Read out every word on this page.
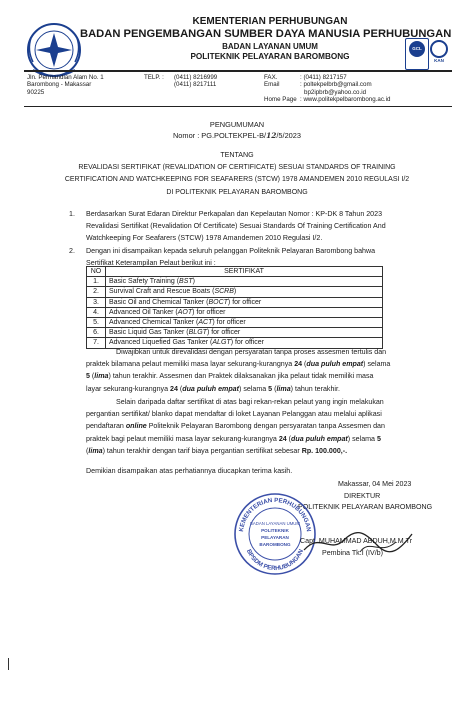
KEMENTERIAN PERHUBUNGAN
BADAN PENGEMBANGAN SUMBER DAYA MANUSIA PERHUBUNGAN
BADAN LAYANAN UMUM
POLITEKNIK PELAYARAN BAROMBONG
GCL
KAN
Jln. Permandian Alam No. 1
Barombong - Makassar
90225
TELP. : (0411) 8216999
(0411) 8217111
FAX.
Email

Home Page
: (0411) 8217157
: poltekpelbrb@gmail.com
bp2ipbrb@yahoo.co.id
: www.politekpelbarombong.ac.id
PENGUMUMAN
Nomor : PG.POLTEKPEL-B/12/5/2023
TENTANG
REVALIDASI SERTIFIKAT (REVALIDATION OF CERTIFICATE) SESUAI STANDARDS OF TRAINING
CERTIFICATION AND WATCHKEEPING FOR SEAFARERS (STCW) 1978 AMANDEMEN 2010 REGULASI I/2
DI POLITEKNIK PELAYARAN BAROMBONG
1. Berdasarkan Surat Edaran Direktur Perkapalan dan Kepelautan Nomor : KP-DK 8 Tahun 2023
Revalidasi Sertifikat (Revalidation Of Certificate) Sesuai Standards Of Training Certification And
Watchkeeping For Seafarers (STCW) 1978 Amandemen 2010 Regulasi I/2.
2. Dengan ini disampaikan kepada seluruh pelanggan Politeknik Pelayaran Barombong bahwa
Sertifikat Keterampilan Pelaut berikut ini :
NO	SERTIFIKAT
1.	Basic Safety Training (BST)
2.	Survival Craft and Rescue Boats (SCRB)
3.	Basic Oil and Chemical Tanker (BOCT) for officer
4.	Advanced Oil Tanker (AOT) for officer
5.	Advanced Chemical Tanker (ACT) for officer
6.	Basic Liquid Gas Tanker (BLGT) for officer
7.	Advanced Liquefied Gas Tanker (ALGT) for officer
Diwajibkan untuk direvalidasi dengan persyaratan tanpa proses assesmen tertulis dan
praktek bilamana pelaut memiliki masa layar sekurang-kurangnya 24 (dua puluh empat) selama
5 (lima) tahun terakhir. Assesmen dan Praktek dilaksanakan jika pelaut tidak memiliki masa
layar sekurang-kurangnya 24 (dua puluh empat) selama 5 (lima) tahun terakhir.
Selain daripada daftar sertifikat di atas bagi rekan-rekan pelaut yang ingin melakukan
pergantian sertifikat/ blanko dapat mendaftar di loket Layanan Pelanggan atau melalui aplikasi
pendaftaran online Politeknik Pelayaran Barombong dengan persyaratan tanpa Assesmen dan
praktek bagi pelaut memiliki masa layar sekurang-kurangnya 24 (dua puluh empat) selama 5
(lima) tahun terakhir dengan tarif biaya pergantian sertifikat sebesar Rp. 100.000,-.
Demikian disampaikan atas perhatiannya diucapkan terima kasih.
Makassar, 04 Mei 2023
DIREKTUR
POLITEKNIK PELAYARAN BAROMBONG
KEMENTERIAN PERHUBUNGAN
BPSDM PERHUBUNGAN
BADAN LAYANAN UMUM
POLITEKNIK
PELAYARAN
BAROMBONG Capt. MUHAMMAD ABDUH,M.M.Tr
Pembina Tk.I (IV/b)
